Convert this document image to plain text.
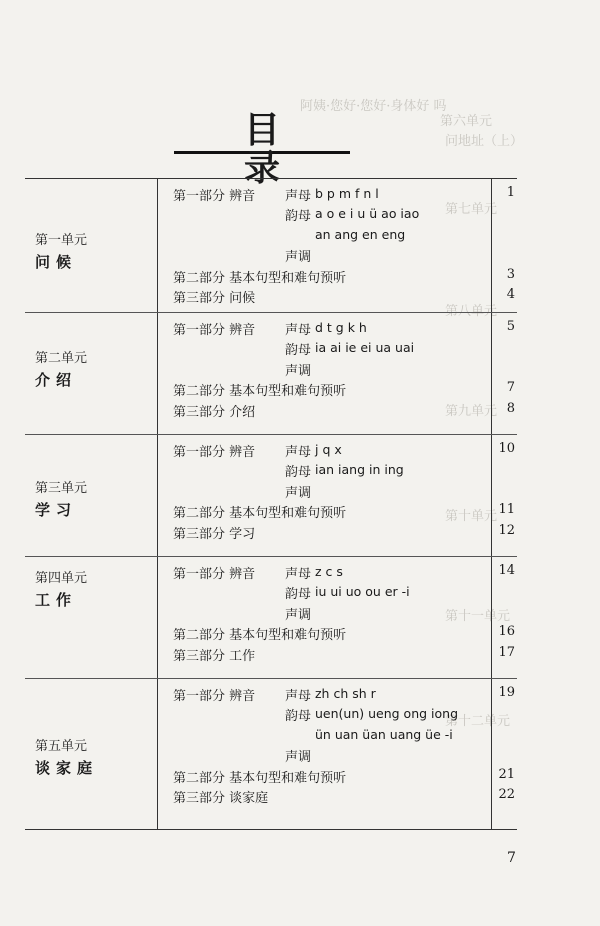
阿姨·您好·您好·身体好 吗
第六单元
问地址（上）
第七单元
第八单元
第九单元
第十单元
第十一单元
第十二单元
目 录
第一单元
问候
第一部分 辨音 声母 b p m f n l	1
韵母 a o e i u ü ao iao
an ang en eng
声调
第二部分 基本句型和难句预听	3
第三部分 问候	4
第二单元
介绍
第一部分 辨音 声母 d t g k h	5
韵母 ia ai ie ei ua uai
声调
第二部分 基本句型和难句预听	7
第三部分 介绍	8
第三单元
学习
第一部分 辨音 声母 j q x	10
韵母 ian iang in ing
声调
第二部分 基本句型和难句预听	11
第三部分 学习	12
第四单元
工作
第一部分 辨音 声母 z c s	14
韵母 iu ui uo ou er -i
声调
第二部分 基本句型和难句预听	16
第三部分 工作	17
第五单元
谈家庭
第一部分 辨音 声母 zh ch sh r	19
韵母 uen(un) ueng ong iong
ün uan üan uang üe -i
声调
第二部分 基本句型和难句预听	21
第三部分 谈家庭	22
7
